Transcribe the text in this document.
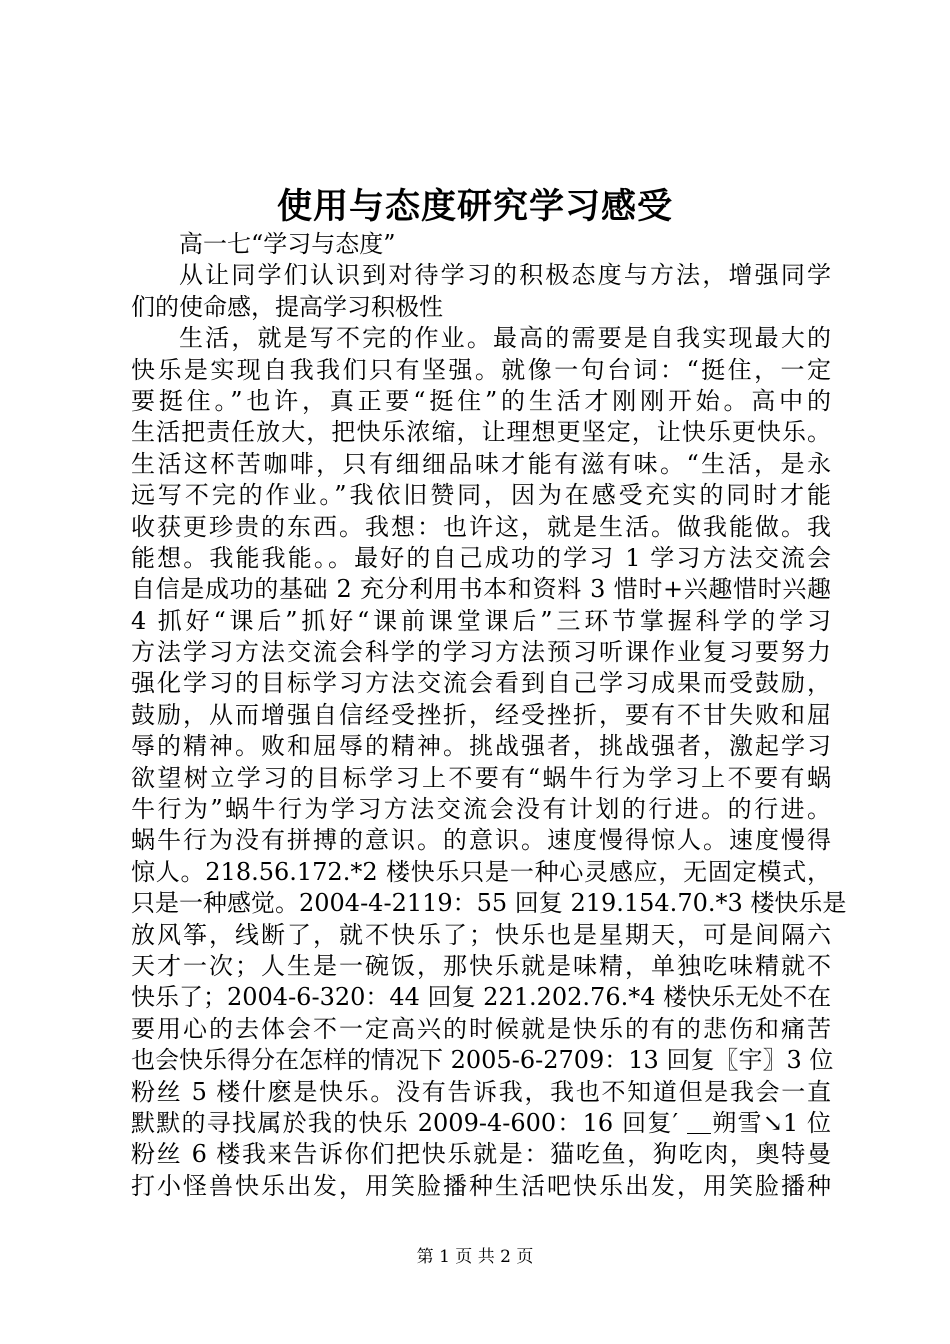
使用与态度研究学习感受
高一七“学习与态度”
从让同学们认识到对待学习的积极态度与方法，增强同学
们的使命感，提高学习积极性
生活，就是写不完的作业。最高的需要是自我实现最大的
快乐是实现自我我们只有坚强。就像一句台词：“挺住，一定
要挺住。”也许，真正要“挺住”的生活才刚刚开始。高中的
生活把责任放大，把快乐浓缩，让理想更坚定，让快乐更快乐。
生活这杯苦咖啡，只有细细品味才能有滋有味。“生活，是永
远写不完的作业。”我依旧赞同，因为在感受充实的同时才能
收获更珍贵的东西。我想：也许这，就是生活。做我能做。我
能想。我能我能。。最好的自己成功的学习 1 学习方法交流会
自信是成功的基础 2 充分利用书本和资料 3 惜时+兴趣惜时兴趣
4 抓好“课后”抓好“课前课堂课后”三环节掌握科学的学习
方法学习方法交流会科学的学习方法预习听课作业复习要努力
强化学习的目标学习方法交流会看到自己学习成果而受鼓励，
鼓励，从而增强自信经受挫折，经受挫折，要有不甘失败和屈
辱的精神。败和屈辱的精神。挑战强者，挑战强者，激起学习
欲望树立学习的目标学习上不要有“蜗牛行为学习上不要有蜗
牛行为”蜗牛行为学习方法交流会没有计划的行进。的行进。
蜗牛行为没有拼搏的意识。的意识。速度慢得惊人。速度慢得
惊人。218.56.172.*2 楼快乐只是一种心灵感应，无固定模式，
只是一种感觉。2004-4-2119：55 回复 219.154.70.*3 楼快乐是
放风筝，线断了，就不快乐了；快乐也是星期天，可是间隔六
天才一次；人生是一碗饭，那快乐就是味精，单独吃味精就不
快乐了；2004-6-320：44 回复 221.202.76.*4 楼快乐无处不在
要用心的去体会不一定高兴的时候就是快乐的有的悲伤和痛苦
也会快乐得分在怎样的情况下 2005-6-2709：13 回复〖宇〗3 位
粉丝 5 楼什麽是快乐。没有告诉我，我也不知道但是我会一直
默默的寻找属於我的快乐 2009-4-600：16 回复′ ＿朔雪↘1 位
粉丝 6 楼我来告诉你们把快乐就是：猫吃鱼，狗吃肉，奥特曼
打小怪兽快乐出发，用笑脸播种生活吧快乐出发，用笑脸播种
第 1 页 共 2 页
